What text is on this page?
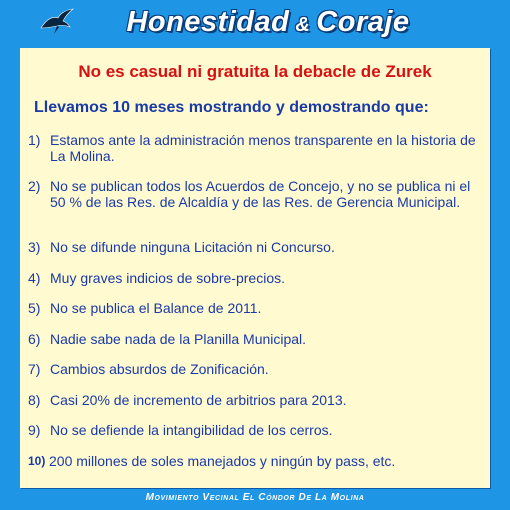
Honestidad & Coraje
No es casual ni gratuita la debacle de Zurek
Llevamos 10 meses mostrando y demostrando que:
1) Estamos ante la administración menos transparente en la historia de La Molina.
2) No se publican todos los Acuerdos de Concejo, y no se publica ni el 50 % de las Res. de Alcaldía y de las Res. de Gerencia Municipal.
3) No se difunde ninguna Licitación ni Concurso.
4) Muy graves indicios de sobre-precios.
5) No se publica el Balance de 2011.
6) Nadie sabe nada de la Planilla Municipal.
7) Cambios absurdos de Zonificación.
8) Casi 20% de incremento de arbitrios para 2013.
9) No se defiende la intangibilidad de los cerros.
10) 200 millones de soles manejados y ningún by pass, etc.
Movimiento Vecinal El Cóndor De La Molina
